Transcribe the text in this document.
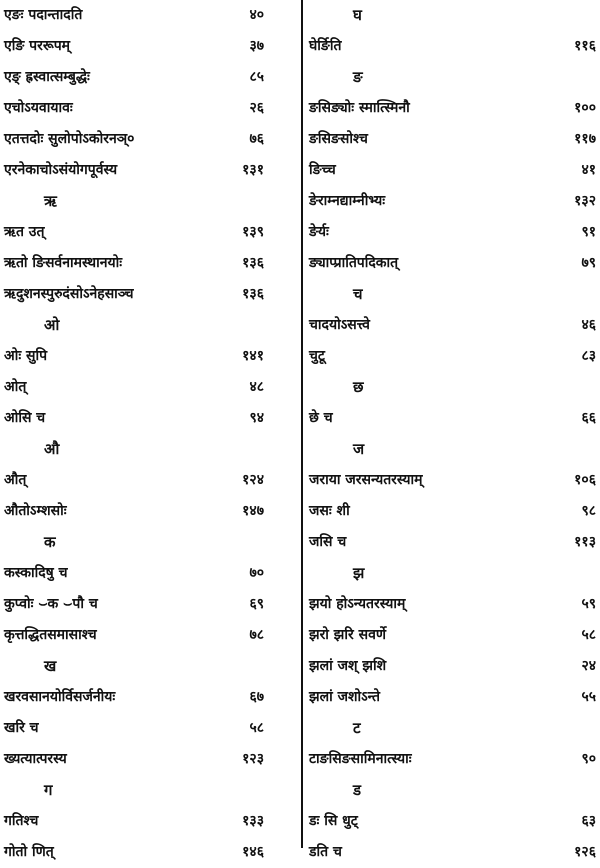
एङः पदान्तादति	४०
एङि पररूपम्	३७
एङ् ह्रस्वात्सम्बुद्धेः	८५
एचोऽयवायावः	२६
एतत्तदोः सुलोपोऽकोरनञ्०	७६
एरनेकाचोऽसंयोगपूर्वस्य	१३१
ऋ
ऋत उत्	१३९
ऋतो ङिसर्वनामस्थानयोः	१३६
ऋदुशनस्पुरुदंसोऽनेहसाञ्च	१३६
ओ
ओः सुपि	१४१
ओत्	४८
ओसि च	९४
औ
औत्	१२४
औतोऽम्शसोः	१४७
क
कस्कादिषु च	७०
कुप्वोः ⌣क ⌣पौ च	६९
कृत्तद्धितसमासाश्च	७८
ख
खरवसानयोर्विसर्जनीयः	६७
खरि च	५८
ख्यत्यात्परस्य	१२३
ग
गतिश्च	१३३
गोतो णित्	१४६
घ
घेर्ङिति	११६
ङ
ङसिङ्योः स्मात्स्मिनौ	१००
ङसिङसोश्च	११७
ङिच्च	४१
ङेराम्नद्याम्नीभ्यः	१३२
ङेर्यः	९१
ङ्याप्प्रातिपदिकात्	७९
च
चादयोऽसत्त्वे	४६
चुटू	८३
छ
छे च	६६
ज
जराया जरसन्यतरस्याम्	१०६
जसः शी	९८
जसि च	११३
झ
झयो होऽन्यतरस्याम्	५९
झरो झरि सवर्णे	५८
झलां जश् झशि	२४
झलां जशोऽन्ते	५५
ट
टाङसिङसामिनात्स्याः	९०
ड
डः सि धुट्	६३
डति च	१२६
